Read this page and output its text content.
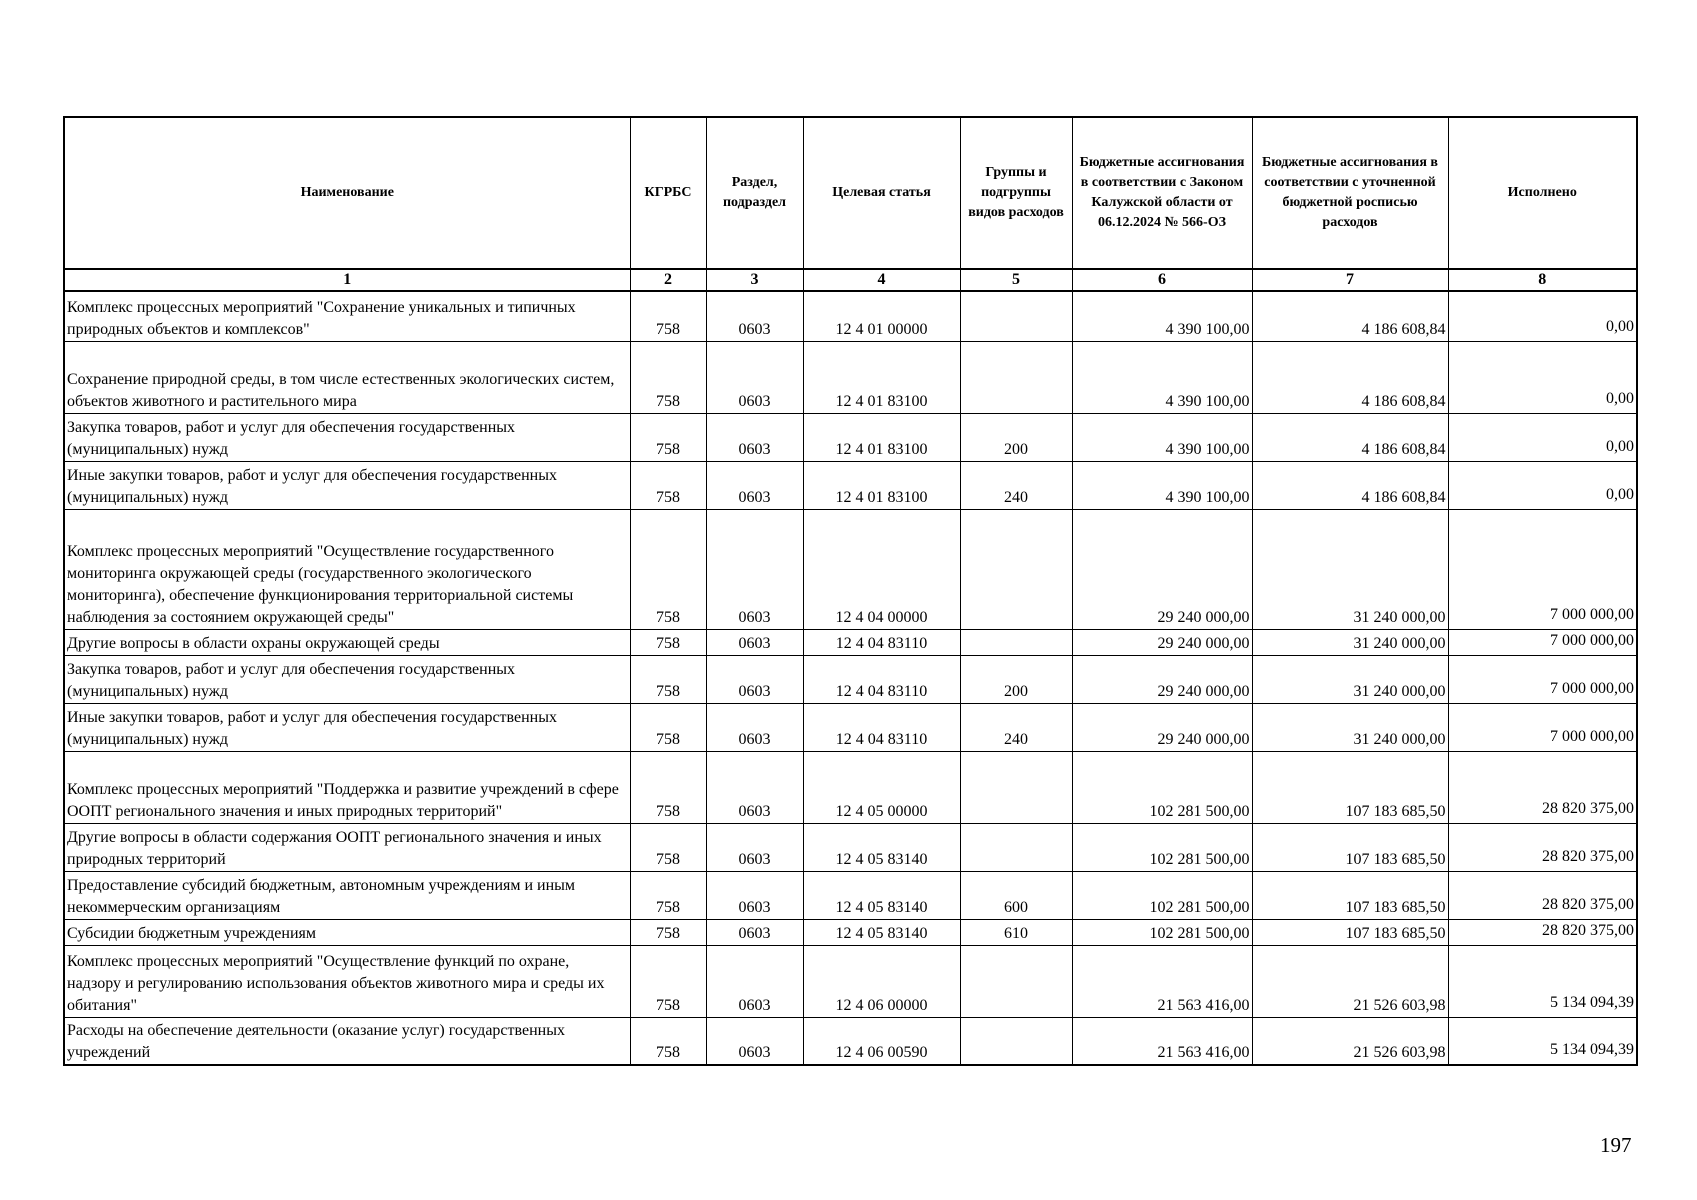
Наименование	КГРБС	Раздел, подраздел	Целевая статья	Группы и подгруппы видов расходов	Бюджетные ассигнования в соответствии с Законом Калужской области от 06.12.2024 № 566-ОЗ	Бюджетные ассигнования в соответствии с уточненной бюджетной росписью расходов	Исполнено
1	2	3	4	5	6	7	8
Комплекс процессных мероприятий "Сохранение уникальных и типичных природных объектов и комплексов"	758	0603	12 4 01 00000		4 390 100,00	4 186 608,84	0,00
Сохранение природной среды, в том числе естественных экологических систем, объектов животного и растительного мира	758	0603	12 4 01 83100		4 390 100,00	4 186 608,84	0,00
Закупка товаров, работ и услуг для обеспечения государственных (муниципальных) нужд	758	0603	12 4 01 83100	200	4 390 100,00	4 186 608,84	0,00
Иные закупки товаров, работ и услуг для обеспечения государственных (муниципальных) нужд	758	0603	12 4 01 83100	240	4 390 100,00	4 186 608,84	0,00
Комплекс процессных мероприятий "Осуществление государственного мониторинга окружающей среды (государственного экологического мониторинга), обеспечение функционирования территориальной системы наблюдения за состоянием окружающей среды"	758	0603	12 4 04 00000		29 240 000,00	31 240 000,00	7 000 000,00
Другие вопросы в области охраны окружающей среды	758	0603	12 4 04 83110		29 240 000,00	31 240 000,00	7 000 000,00
Закупка товаров, работ и услуг для обеспечения государственных (муниципальных) нужд	758	0603	12 4 04 83110	200	29 240 000,00	31 240 000,00	7 000 000,00
Иные закупки товаров, работ и услуг для обеспечения государственных (муниципальных) нужд	758	0603	12 4 04 83110	240	29 240 000,00	31 240 000,00	7 000 000,00
Комплекс процессных мероприятий "Поддержка и развитие учреждений в сфере ООПТ регионального значения и иных природных территорий"	758	0603	12 4 05 00000		102 281 500,00	107 183 685,50	28 820 375,00
Другие вопросы в области содержания ООПТ регионального значения и иных природных территорий	758	0603	12 4 05 83140		102 281 500,00	107 183 685,50	28 820 375,00
Предоставление субсидий бюджетным, автономным учреждениям и иным некоммерческим организациям	758	0603	12 4 05 83140	600	102 281 500,00	107 183 685,50	28 820 375,00
Субсидии бюджетным учреждениям	758	0603	12 4 05 83140	610	102 281 500,00	107 183 685,50	28 820 375,00
Комплекс процессных мероприятий "Осуществление функций по охране, надзору и регулированию использования объектов животного мира и среды их обитания"	758	0603	12 4 06 00000		21 563 416,00	21 526 603,98	5 134 094,39
Расходы на обеспечение деятельности (оказание услуг) государственных учреждений	758	0603	12 4 06 00590		21 563 416,00	21 526 603,98	5 134 094,39
197
